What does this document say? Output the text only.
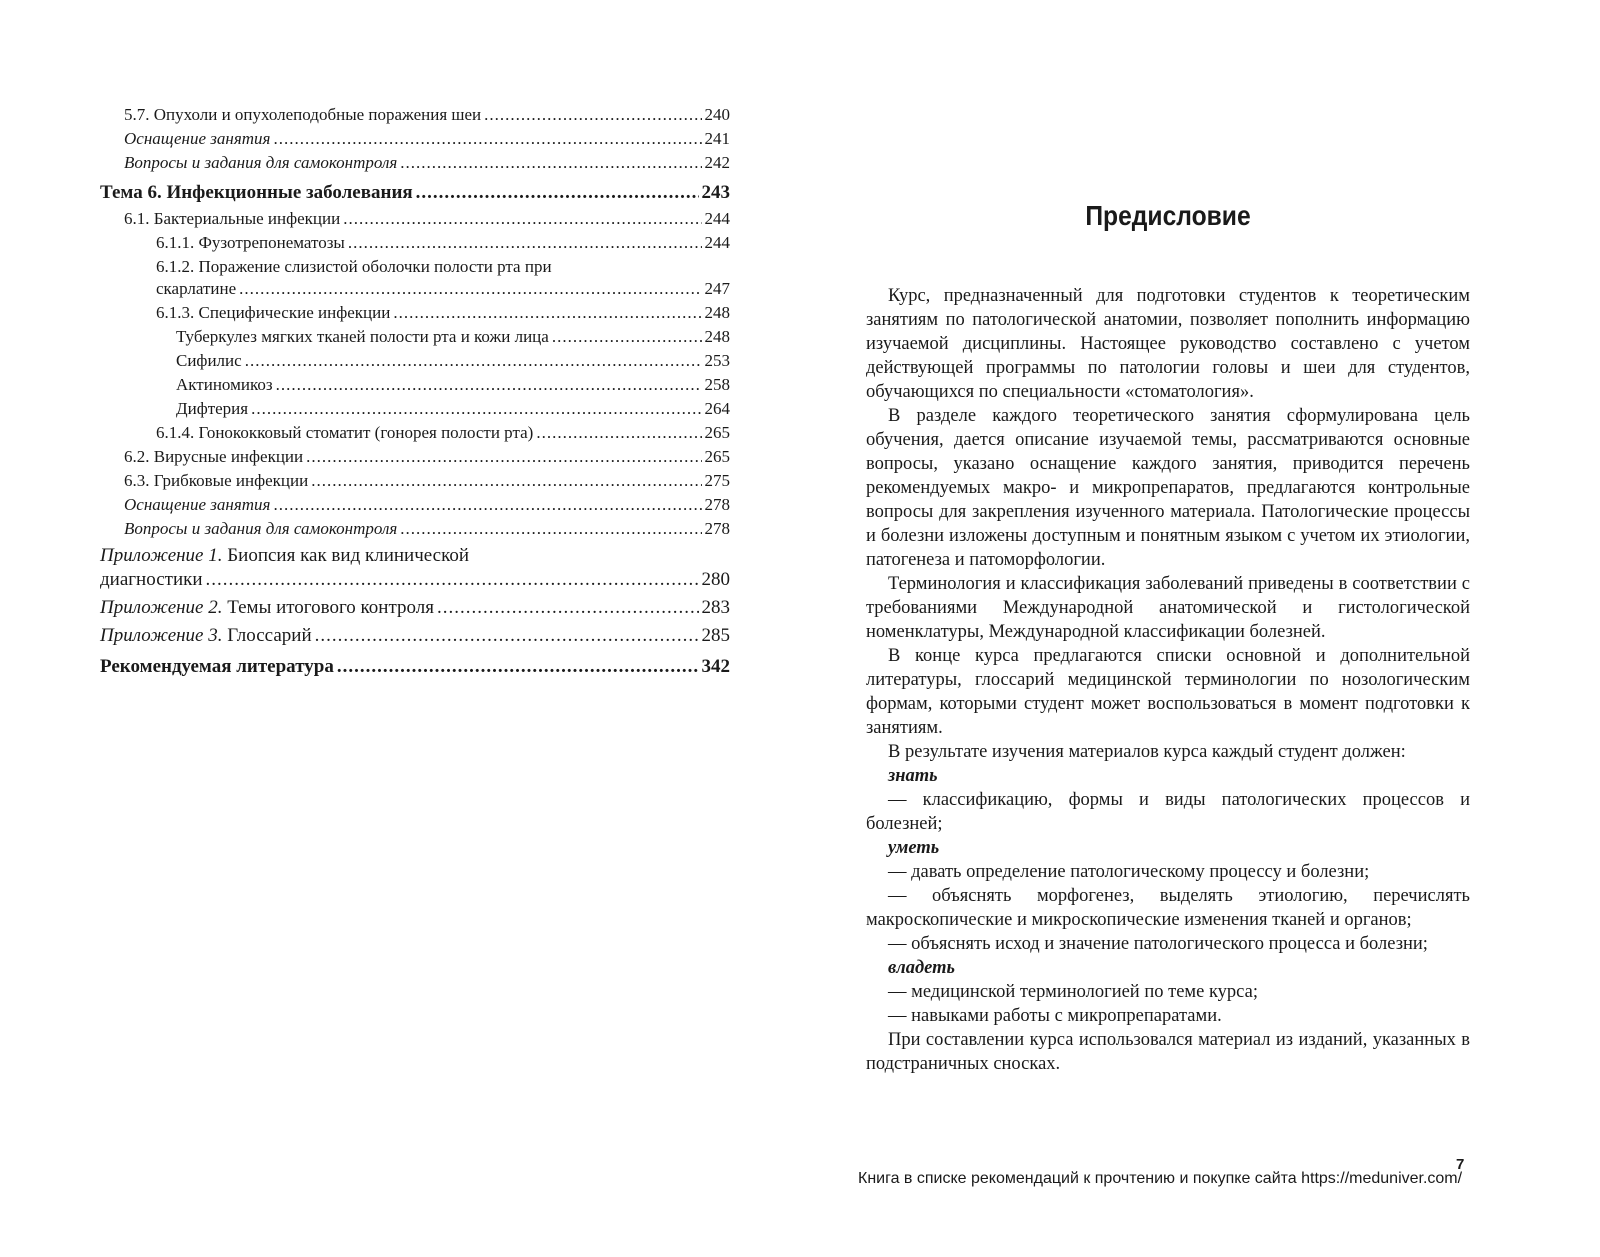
5.7. Опухоли и опухолеподобные поражения шеи .....	240
Оснащение занятия .....	241
Вопросы и задания для самоконтроля .....	242
Тема 6. Инфекционные заболевания .....	243
6.1. Бактериальные инфекции .....	244
6.1.1. Фузотрепонематозы .....	244
6.1.2. Поражение слизистой оболочки полости рта при
скарлатине .....	247
6.1.3. Специфические инфекции .....	248
Туберкулез мягких тканей полости рта и кожи лица .....	248
Сифилис .....	253
Актиномикоз .....	258
Дифтерия .....	264
6.1.4. Гонококковый стоматит (гонорея полости рта) .....	265
6.2. Вирусные инфекции .....	265
6.3. Грибковые инфекции .....	275
Оснащение занятия .....	278
Вопросы и задания для самоконтроля .....	278
Приложение 1. Биопсия как вид клинической
диагностики .....	280
Приложение 2. Темы итогового контроля .....	283
Приложение 3. Глоссарий .....	285
Рекомендуемая литература .....	342
Предисловие

Курс, предназначенный для подготовки студентов к теоретическим занятиям по патологической анатомии, позволяет пополнить информацию изучаемой дисциплины. Настоящее руководство составлено с учетом действующей программы по патологии головы и шеи для студентов, обучающихся по специальности «стоматология».

В разделе каждого теоретического занятия сформулирована цель обучения, дается описание изучаемой темы, рассматриваются основные вопросы, указано оснащение каждого занятия, приводится перечень рекомендуемых макро- и микропрепаратов, предлагаются контрольные вопросы для закрепления изученного материала. Патологические процессы и болезни изложены доступным и понятным языком с учетом их этиологии, патогенеза и патоморфологии.

Терминология и классификация заболеваний приведены в соответствии с требованиями Международной анатомической и гистологической номенклатуры, Международной классификации болезней.

В конце курса предлагаются списки основной и дополнительной литературы, глоссарий медицинской терминологии по нозологическим формам, которыми студент может воспользоваться в момент подготовки к занятиям.

В результате изучения материалов курса каждый студент должен:

знать

— классификацию, формы и виды патологических процессов и болезней;

уметь

— давать определение патологическому процессу и болезни;

— объяснять морфогенез, выделять этиологию, перечислять макроскопические и микроскопические изменения тканей и органов;

— объяснять исход и значение патологического процесса и болезни;

владеть

— медицинской терминологией по теме курса;

— навыками работы с микропрепаратами.

При составлении курса использовался материал из изданий, указанных в подстраничных сносках.

7
Книга в списке рекомендаций к прочтению и покупке сайта https://meduniver.com/
